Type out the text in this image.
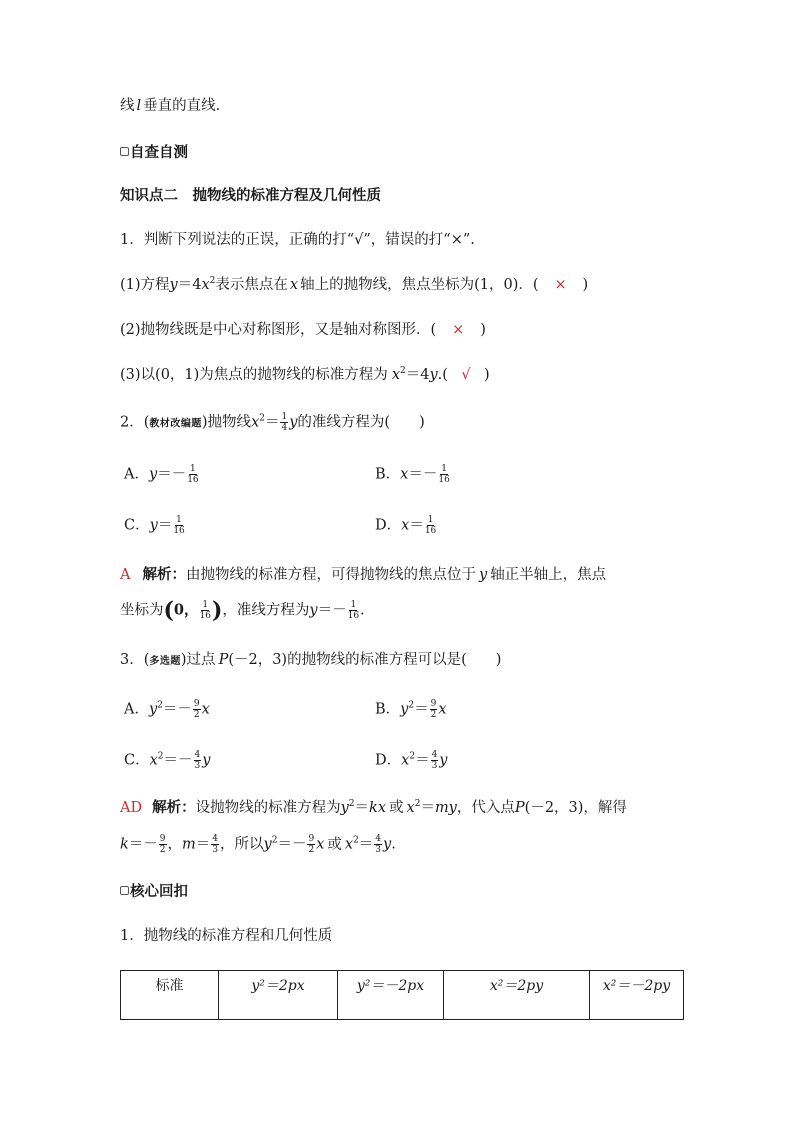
线 l 垂直的直线.
自查自测
知识点二　抛物线的标准方程及几何性质
1．判断下列说法的正误，正确的打“√”，错误的打“×”.
(1)方程$y=4x^2$表示焦点在 x 轴上的抛物线，焦点坐标为(1，0)．( × )
(2)抛物线既是中心对称图形，又是轴对称图形．( × )
(3)以(0，1)为焦点的抛物线的标准方程为 $x^2=4y$.( √ )
2．(教材改编题)抛物线$x^2= \frac{1}{4}$ y的准线方程为(　　)
A．$y=- \frac{1}{16}$	B．$x=- \frac{1}{16}$
C．$y= \frac{1}{16}$	D．$x= \frac{1}{16}$
A 解析：由抛物线的标准方程，可得抛物线的焦点位于 y 轴正半轴上，焦点
坐标为(0， $\frac{1}{16}$ )，准线方程为$y=- \frac{1}{16}$ .
3．(多选题)过点 P(－2，3)的抛物线的标准方程可以是(　　)
A．$y^2=- \frac{9}{2}$ x	B．$y^2= \frac{9}{2}$ x
C．$x^2=- \frac{4}{3}$ y	D．$x^2= \frac{4}{3}$ y
AD 解析：设抛物线的标准方程为$y^2=kx$ 或 $x^2=my$，代入点P(－2，3)，解得
$k=- \frac{9}{2}$ ，$m= \frac{4}{3}$ ，所以$y^2=- \frac{9}{2}$ x 或 $x^2= \frac{4}{3} y$.
核心回扣
1．抛物线的标准方程和几何性质
标准	y²＝2px	y²＝－2px	x²＝2py	x²＝－2py
